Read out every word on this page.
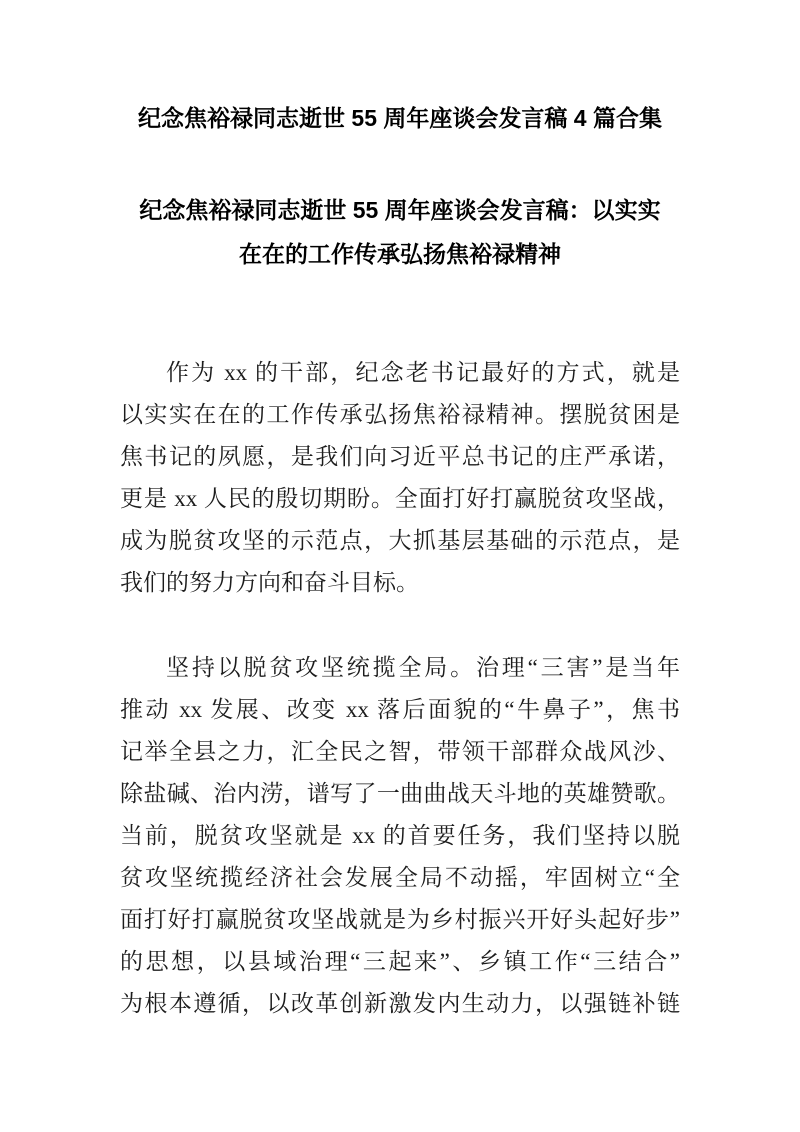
纪念焦裕禄同志逝世 55 周年座谈会发言稿 4 篇合集
纪念焦裕禄同志逝世 55 周年座谈会发言稿：以实实
在在的工作传承弘扬焦裕禄精神
作为 xx 的干部，纪念老书记最好的方式，就是
以实实在在的工作传承弘扬焦裕禄精神。摆脱贫困是
焦书记的夙愿，是我们向习近平总书记的庄严承诺，
更是 xx 人民的殷切期盼。全面打好打赢脱贫攻坚战，
成为脱贫攻坚的示范点，大抓基层基础的示范点，是
我们的努力方向和奋斗目标。
坚持以脱贫攻坚统揽全局。治理“三害”是当年
推动 xx 发展、改变 xx 落后面貌的“牛鼻子”，焦书
记举全县之力，汇全民之智，带领干部群众战风沙、
除盐碱、治内涝，谱写了一曲曲战天斗地的英雄赞歌。
当前，脱贫攻坚就是 xx 的首要任务，我们坚持以脱
贫攻坚统揽经济社会发展全局不动摇，牢固树立“全
面打好打赢脱贫攻坚战就是为乡村振兴开好头起好步”
的思想，以县域治理“三起来”、乡镇工作“三结合”
为根本遵循，以改革创新激发内生动力，以强链补链
